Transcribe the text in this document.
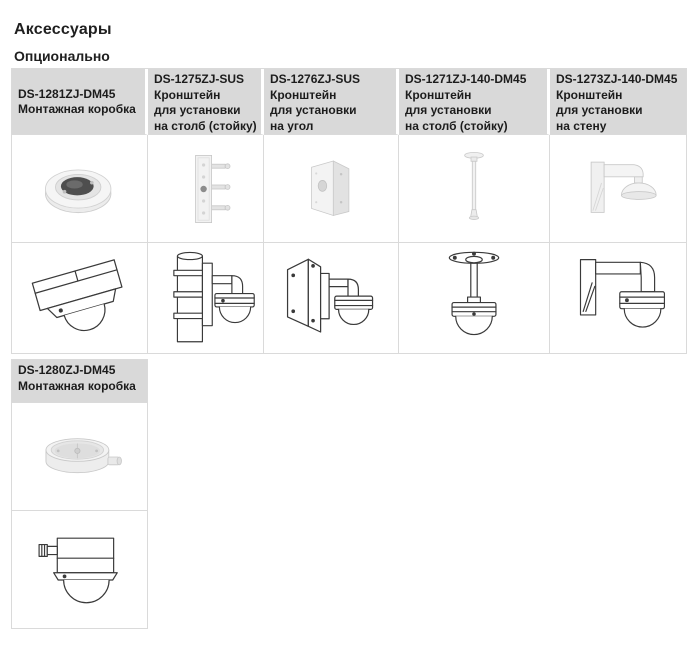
Аксессуары
Опционально
DS-1281ZJ-DM45
Монтажная коробка
DS-1275ZJ-SUS
Кронштейн
для установки
на столб (стойку)
DS-1276ZJ-SUS
Кронштейн
для установки
на угол
DS-1271ZJ-140-DM45
Кронштейн
для установки
на столб (стойку)
DS-1273ZJ-140-DM45
Кронштейн
для установки
на стену
DS-1280ZJ-DM45
Монтажная коробка
